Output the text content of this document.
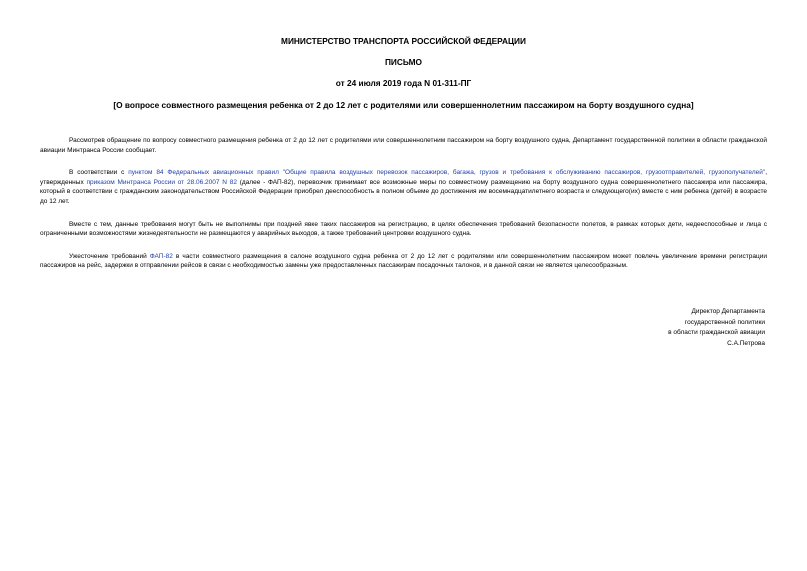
МИНИСТЕРСТВО ТРАНСПОРТА РОССИЙСКОЙ ФЕДЕРАЦИИ
ПИСЬМО
от 24 июля 2019 года N 01-311-ПГ
[О вопросе совместного размещения ребенка от 2 до 12 лет с родителями или совершеннолетним пассажиром на борту воздушного судна]

Рассмотрев обращение по вопросу совместного размещения ребенка от 2 до 12 лет с родителями или совершеннолетним пассажиром на борту воздушного судна, Департамент государственной политики в области гражданской авиации Минтранса России сообщает.

В соответствии с пунктом 84 Федеральных авиационных правил "Общие правила воздушных перевозок пассажиров, багажа, грузов и требования к обслуживанию пассажиров, грузоотправителей, грузополучателей", утвержденных приказом Минтранса России от 28.06.2007 N 82 (далее - ФАП-82), перевозчик принимает все возможные меры по совместному размещению на борту воздушного судна совершеннолетнего пассажира или пассажира, который в соответствии с гражданским законодательством Российской Федерации приобрел дееспособность в полном объеме до достижения им восемнадцатилетнего возраста и следующего(их) вместе с ним ребенка (детей) в возрасте до 12 лет.

Вместе с тем, данные требования могут быть не выполнимы при поздней явке таких пассажиров на регистрацию, в целях обеспечения требований безопасности полетов, в рамках которых дети, недееспособные и лица с ограниченными возможностями жизнедеятельности не размещаются у аварийных выходов, а также требований центровки воздушного судна.

Ужесточение требований ФАП-82 в части совместного размещения в салоне воздушного судна ребенка от 2 до 12 лет с родителями или совершеннолетним пассажиром может повлечь увеличение времени регистрации пассажиров на рейс, задержки в отправлении рейсов в связи с необходимостью замены уже предоставленных пассажирам посадочных талонов, и в данной связи не является целесообразным.

Директор Департамента
государственной политики
в области гражданской авиации
С.А.Петрова
